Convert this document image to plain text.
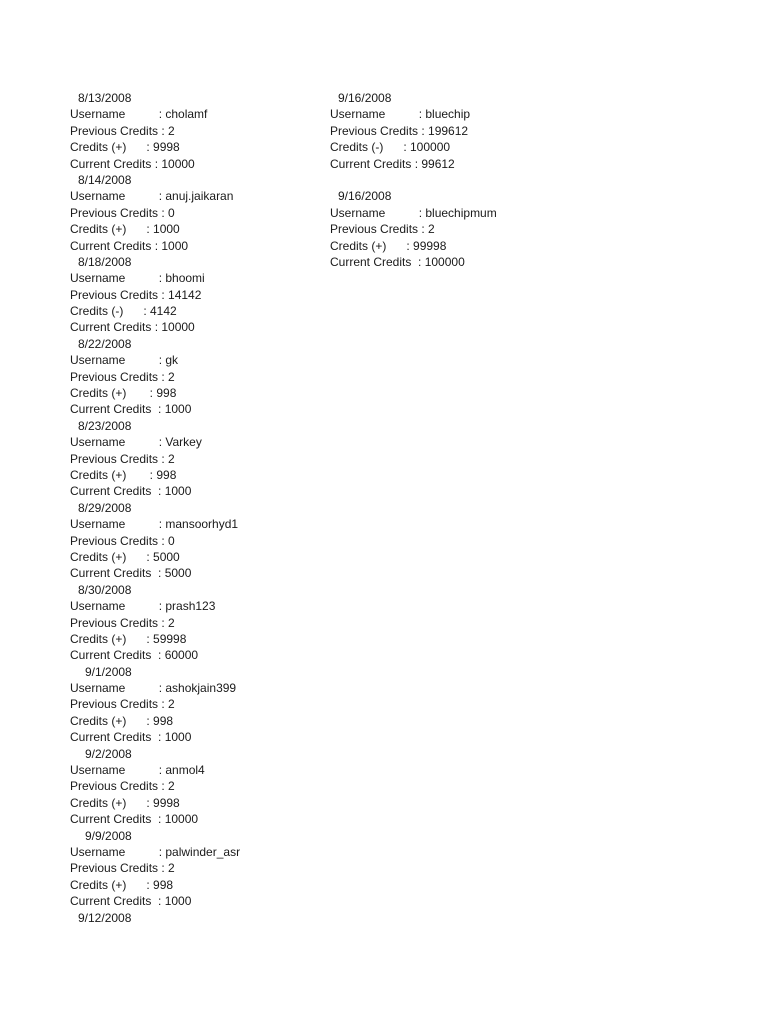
8/13/2008
Username          : cholamf
Previous Credits : 2
Credits (+)      : 9998
Current Credits : 10000
8/14/2008
Username          : anuj.jaikaran
Previous Credits : 0
Credits (+)      : 1000
Current Credits : 1000
8/18/2008
Username          : bhoomi
Previous Credits : 14142
Credits (-)      : 4142
Current Credits : 10000
8/22/2008
Username          : gk
Previous Credits : 2
Credits (+)       : 998
Current Credits  : 1000
8/23/2008
Username          : Varkey
Previous Credits : 2
Credits (+)       : 998
Current Credits  : 1000
8/29/2008
Username          : mansoorhyd1
Previous Credits : 0
Credits (+)      : 5000
Current Credits  : 5000
8/30/2008
Username          : prash123
Previous Credits : 2
Credits (+)      : 59998
Current Credits  : 60000
9/1/2008
Username          : ashokjain399
Previous Credits : 2
Credits (+)      : 998
Current Credits  : 1000
9/2/2008
Username          : anmol4
Previous Credits : 2
Credits (+)      : 9998
Current Credits  : 10000
9/9/2008
Username          : palwinder_asr
Previous Credits : 2
Credits (+)      : 998
Current Credits  : 1000
9/12/2008
9/16/2008
Username          : bluechip
Previous Credits : 199612
Credits (-)      : 100000
Current Credits : 99612
9/16/2008
Username          : bluechipmum
Previous Credits : 2
Credits (+)      : 99998
Current Credits  : 100000
